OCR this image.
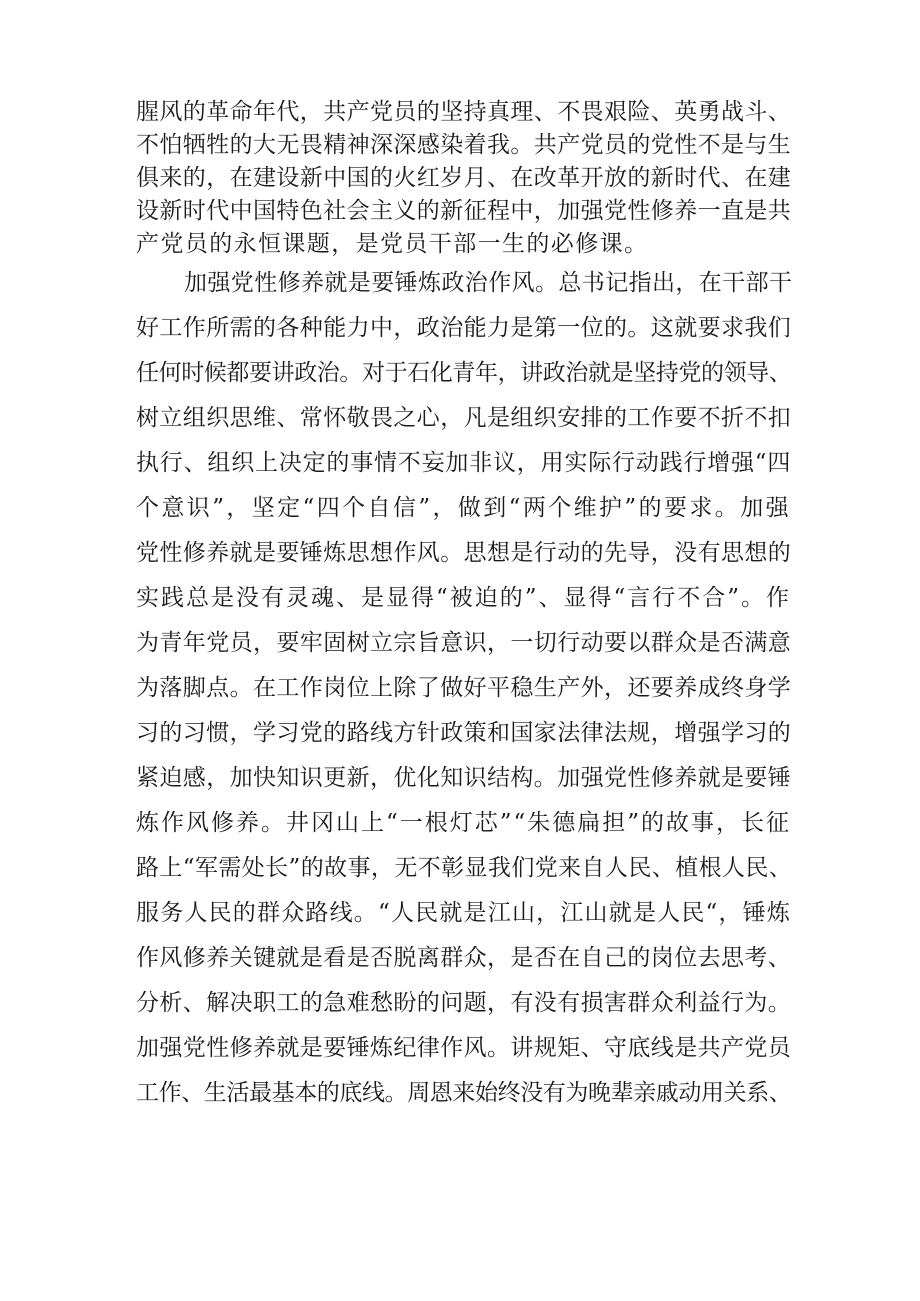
腥风的革命年代，共产党员的坚持真理、不畏艰险、英勇战斗、
不怕牺牲的大无畏精神深深感染着我。共产党员的党性不是与生
俱来的，在建设新中国的火红岁月、在改革开放的新时代、在建
设新时代中国特色社会主义的新征程中，加强党性修养一直是共
产党员的永恒课题，是党员干部一生的必修课。
加强党性修养就是要锤炼政治作风。总书记指出，在干部干
好工作所需的各种能力中，政治能力是第一位的。这就要求我们
任何时候都要讲政治。对于石化青年，讲政治就是坚持党的领导、
树立组织思维、常怀敬畏之心，凡是组织安排的工作要不折不扣
执行、组织上决定的事情不妄加非议，用实际行动践行增强“四
个意识”，坚定“四个自信”，做到“两个维护”的要求。加强
党性修养就是要锤炼思想作风。思想是行动的先导，没有思想的
实践总是没有灵魂、是显得“被迫的”、显得“言行不合”。作
为青年党员，要牢固树立宗旨意识，一切行动要以群众是否满意
为落脚点。在工作岗位上除了做好平稳生产外，还要养成终身学
习的习惯，学习党的路线方针政策和国家法律法规，增强学习的
紧迫感，加快知识更新，优化知识结构。加强党性修养就是要锤
炼作风修养。井冈山上“一根灯芯”“朱德扁担”的故事，长征
路上“军需处长”的故事，无不彰显我们党来自人民、植根人民、
服务人民的群众路线。“人民就是江山，江山就是人民“，锤炼
作风修养关键就是看是否脱离群众，是否在自己的岗位去思考、
分析、解决职工的急难愁盼的问题，有没有损害群众利益行为。
加强党性修养就是要锤炼纪律作风。讲规矩、守底线是共产党员
工作、生活最基本的底线。周恩来始终没有为晚辈亲戚动用关系、
